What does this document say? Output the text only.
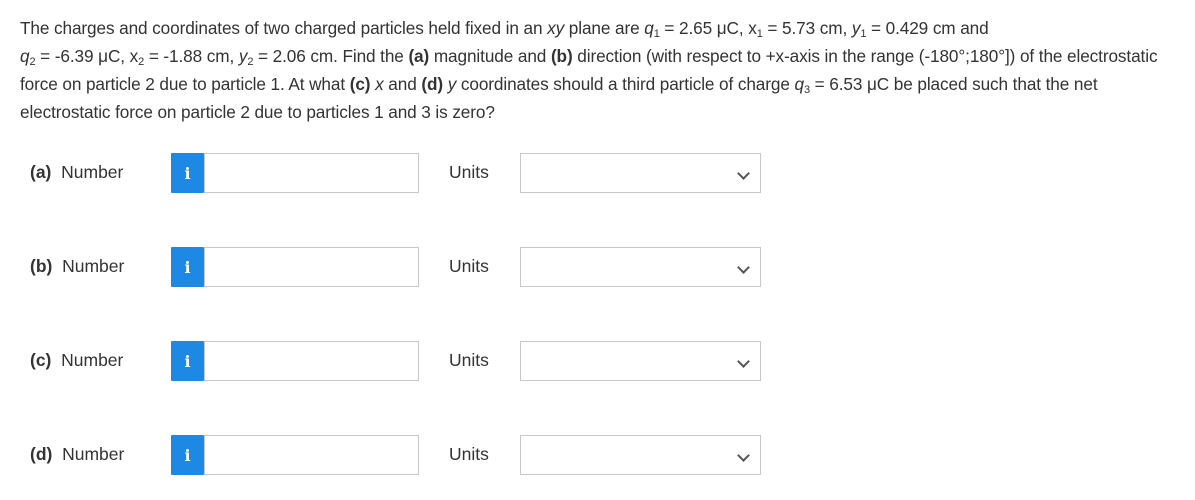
The charges and coordinates of two charged particles held fixed in an xy plane are $q_1 = 2.65$ μC, $x_1 = 5.73$ cm, $y_1 = 0.429$ cm and
$q_2 = -6.39$ μC, $x_2 = -1.88$ cm, $y_2 = 2.06$ cm. Find the (a) magnitude and (b) direction (with respect to +x-axis in the range (-180°;180°]) of the electrostatic force on particle 2 due to particle 1. At what (c) x and (d) y coordinates should a third particle of charge $q_3 = 6.53$ μC be placed such that the net electrostatic force on particle 2 due to particles 1 and 3 is zero?
(a) Number	i	Units
(b) Number	i	Units
(c) Number	i	Units
(d) Number	i	Units
